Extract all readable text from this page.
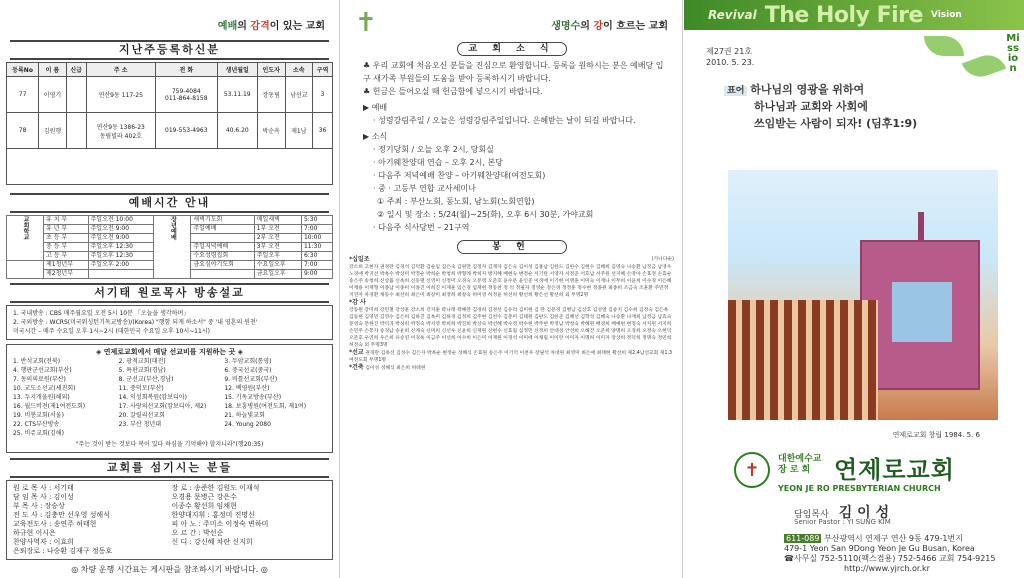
예배의 감격이 있는 교회
지난주등록하신분
등록No	이 름	신급	주 소	전 화	생년월일	인도자	소속	구역
77	이영기		연산9동 117-25	759-4084
011-864-8158	53.11.19	장동림	남선교	3
78	김원행		연산9동 1386-23
동림빌라 402호	019-553-4963	40.6.20	박순옥	제1남	36

예배시간 안내
교회학교	유 치 부	주일오전 10:00	장년예배	새벽기도회	매일새벽	5:30
	유 년 부	주일오전 9:00		주일예배	1부 오전	7:00
	초 등 부	주일오전 9:00			2부 오전	10:00
	중 등 부	주일오후 12:30		주일저녁예배	3부 오전	11:30
	고 등 부	주일오후 12:30		수요성령집회	주일오후	6:30
	제1청년부	주일오후 2:00		금요심야기도회	수요일오후	7:00
	제2청년부				금요일오후	9:00
서기태 원로목사 방송설교
1. 국내방송 : CBS 매주월요일 오전 5시 10분 「오늘을 생각하며」
2. 국외방송 : WCRS(미국워싱턴기독교방송)/(Korea) "행함 되게 하소서" 중 '내 영혼의 원천'
미국시간 – 매주 수요일 오후 1시~2시 (대한민국 수요일 오후 10시~11시)
◈ 연제로교회에서 매달 선교비를 지원하는 곳 ◈
1. 반석교회(전북)	2. 광적교회(대전)	3. 두암교회(통영)
4. 행판군선교회(부산)	5. 특판교회(경남)	6. 중국선교(중국)
7. 동의의료원(부산)	8. 군선교(부산,경남)	9. 비틀선교회(부산)
10. 교도소선교(세진회)	11. 중덕모(부산)	12. 백영원(부산)
13. 두지개울원(해외)	14. 익성회복원(캄보디아)	15. 기독교방송(부산)
16. 월드비전(제1여전도회)	17. 사랑의선교회(캄보디아, 제2)	18. 보흥병원(여전도회, 제1여)
19. 비봉교회(서울)	20. 갈릴리선교회	21. 하늘빛교회
22. CTS부산방송	23. 부산 청년대	24. Young 2080
25. 비쥬교회(김해)
"주는 것이 받는 것보다 복이 있다 하심을 기억해야 할지니라"(행20:35)
교회를 섬기시는 분들
원 로 목 사 : 서기태
담 임 목 사 : 김이성
부 목 사 : 장승상
전 도 사 : 김충만 선우영 성해식
교육전도사 : 송연주 허태현
하규현 이시은
찬양사역자 : 이효희
은퇴장로 : 나승환 김재구 정동호
장 로 : 송준한 김원도 이재석
오경용 문병근 강은수
이종수 황선희 임채현
한양대지휘 : 홍정미 진명신
피 아 노 : 주미소 이정숙 변하미
오 르 간 : 박선순
신 디 : 강신혜 차란 신지희
◎ 차량 운행 시간표는 게시판을 참조하시기 바랍니다. ◎
✝	생명수의 강이 흐르는 교회
교 회 소 식
♣ 우리 교회에 처음오신 분들을 진심으로 환영합니다. 등록을 원하시는 분은 예배당 입구 새가족 부원들의 도움을 받아 등록하시기 바랍니다.
♣ 헌금은 들어오실 때 헌금함에 넣으시기 바랍니다.
▶ 예배
· 성령강림주일 / 오늘은 성령강림주일입니다. 은혜받는 날이 되길 바랍니다.
▶ 소식
· 정기당회 / 오늘 오후 2시, 당회실
· 아기웨찬양대 연습 – 오후 2시, 본당
· 다음주 저녁예배 찬양 – 아기웨찬양대(여전도회)
· 중 · 고등부 연합 교사세미나
① 주최 : 부산노회, 동노회, 남노회(노회연합)
② 일시 및 장소 : 5/24(월)~25(화), 오후 6시 30분, 가야교회
· 다음주 식사당번 – 21구역
봉 헌
*십일조	(가나다순)
강소희 고현자 권경란 김경석 김덕환 김순임 김은숙 김원만 김정자 김재자 김은숙 김이성 김홍남 김한도 김한수 김현수 김해희 김영숙 나승환 남정금 남영우 노경애 박귀선 박옥수 박상미 박정순 박희순 박청희 박형례 박희자 방지혜 배현숙 변정순 서기탄 서영자 서정준 서호남 서주원 선지혜 손영아 손효정 손효순 송은주 송청희 신상률 신옥희 신동렬 신영미 신정미 오경숙 오문영 오준호 윤수문 윤인준 이경애 이기현 이명훈 이미숙 이재나 이무희 이윤희 이수경 이은혜 이재용 이재형 이종남 이종미 이종진 이희진 이재훈 임은경 임재현 정동찬 정 석 정필자 정영순 정은경 정정훈 정수현 정종원 최종희 조금숙 조훈환 주민정 지연자 차경환 채동수 최선희 최은미 최장미 최정희 최창숙 허미영 허정윤 허선희 황선희 황은선 황선희 외 무명2명
*감 사
강동원 강미희 강민철 강상훈 강소희 강지훈 곽나래 곽혜란 김경희 김경선 김유리 김미현 김 란 김문경 김병남 김상호 김성열 김송지 김수희 김정숙 김은옥 김동현 김영민 김영수 김은희 김하진 김옥미 김하경 김정희 김주현 김천수 김춘미 김태원 김판도 김한준 김혜선 김학성 김혜숙 나승환 나재희 남정금 남효숙 문영숙 문현진 박덕귀 박성희 박정숙 박지영 박희희 박진희 박상숙 박선혜 박수정 박수현 박주현 박정남 박청숙 박해원 배경희 배예현 변정숙 서지원 서지희 손민주 손봉자 송경남 송윤희 신계숙 신미희 신선우 신윤희 신재원 신현수 신효림 심정민 신정희 안대성 안선희 오해진 오준희 양명희 오경희 오정숙 오현덕 오준호 우연희 우은희 유승연 이경옥 이금주 이선희 이수희 이은미 이재원 이경석 이미애 이채림 이이란 이미자 이명희 이미자 장상희 정덕희 정명숙 정연희 허정숙 외 무명3명
*선교 권경란 김옥선 김성수 김은자 박옥순 변정순 성해식 손효원 송은주 이기억 이천우 장필석 차대원 최영미 최은애 최태현 황선희 제2,4남선교회 제1,3여전도회 무명1명
*건축 김이성 성해식 최은희 허태현
Revival The Holy Fire Vision
Mission
제27권 21호
2010. 5. 23.
표어 하나님의 영광을 위하여
하나님과 교회와 사회에
쓰임받는 사람이 되자! (딤후1:9)
연제로교회 창립 1984. 5. 6
✝
대한예수교
장 로 회 연제로교회
YEON JE RO PRESBYTERIAN CHURCH
담임목사 김 이 성
Senior Pastor : YI SUNG KIM
611-089 부산광역시 연제구 연산 9동 479-1번지
479-1 Yeon San 9Dong Yeon Je Gu Busan, Korea
☎사무실 752-5110(팩스겸용) 752-5466 교회 754-9215
http://www.yjrch.or.kr
